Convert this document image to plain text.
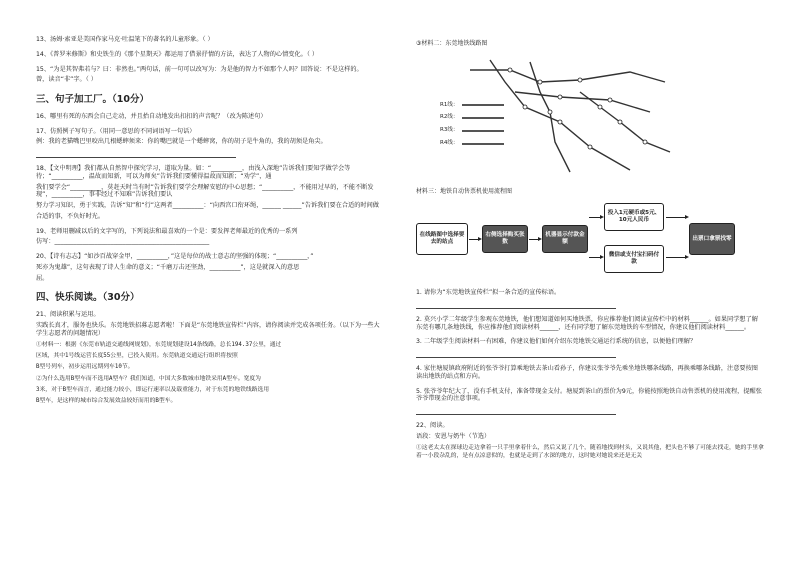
13、汤姆·索亚是美国作家马克·吐温笔下的著名的儿童形象。（ ）

14、《普罗米修斯》和史铁生的《那个星期天》都运用了借景抒情的方法，表达了人物的心情变化。（ ）

15、“为是其智弗若与？曰：非然也。”两句话，前一句可以改写为：为是他的智力不如那个人吗？回答说：不是这样的。

曾，读音“非”字。（ ）

三、句子加工厂。（10分）

16、哪里有死的东西会自己走动，并且抬自动地发出扣扣的声音呢？（改为陈述句）

17、仿照例子写句子。（用同一意思的不同词语写一句话）

例：我的老猫嘴巴里咬出几根蟋蟀须来：你的嘴巴就是一个蟋蟀窝，你的胡子是牛角的，我的胡须是角尖。

18、【文中明理】我们都从自然智中探究学习，道取为量。如：“__________，由浅入深地”告诉我们要知学做学会等待；“__________，温故而知新，可以为师矣”告诉我们要懂得温故而知新；“劝学”，通

我们要学会“__________，莫赶天时当有时”告诉我们要学会理解安慰的中心思想；“__________，不能用过早的，不能不断发现”，__________，事非经过不知难”告诉我们要认

努力学习知识，勇于实践，告诉“知”和“行”这两者__________：“向西宫口衔环绳，______ ______”告诉我们要在合适的时间做

合适的事，不负好时光。

19、老师用删减以后的文字写的，下列说法和最喜欢的一个是：要发挥老师最近的优秀的一系列

仿写：__________________________________________________

20、【诗有志志】“如沙百战穿金甲，__________，”这是每位的战士意志的坚强的体现；“__________，”

死亦为鬼雄”，这句表现了诗人生命的意义；“千磨万击还坚劲，__________”，这是就深入的意思

屈。

四、快乐阅读。（30分）

21、阅读积累与运用。

实践长真才，服务也快乐。东莞地铁招募志愿者啦！下面是“东莞地铁宣传栏”内容，请你阅读并完成各项任务。（以下为一些大学生志愿者的问题情况）

①材料一：根据《东莞市轨道交通线网规划》，东莞规划建设14条线路，总长194.37公里，通过

区域，其中1号线运营长度55公里，已投入使用。东莞轨道交通运行组织将按照

B型号列车，初步运用远期列车10节。

②为什么选用B型车而不选用A型车？我们知道，中国大多数城市地铁采用A型车。宽度为

3米，对于B型车而言，通过能力较小，即运行速率以及载重能力，对于东莞的地铁线路选用

B型车，是这样的城市综合发展效益较好而用的B型车。

③材料二：东莞地铁线路图
R1线：
R2线：
R3线：
R4线：
材料三：地铁自动售票机使用流程图
在线路图中选择要去的站点
右侧选择购买张数
机器显示付款金额
投入1元硬币或5元、10元人民币
微信或支付宝扫码付款
出票口拿票找零

1. 请你为“东莞地铁宣传栏”拟一条合适的宣传标语。

2. 莫兴小学二年级学生参观东莞地铁，他们想知道如何买地铁票，你应推荐他们阅读宣传栏中的材料______。如果同学想了解东莞有哪几条地铁线，你应推荐他们阅读材料______，还有同学想了解东莞地铁的车型情况，你建议他们阅读材料______。

3. 二年级学生阅读材料一有困难，你建议他们如何介绍东莞地铁交通运行系统的信息，以便他们理解？

4. 家住塘厦镇政府附近的张爷爷打算乘地铁去茶山看孙子，你建议张爷爷先乘坐地铁哪条线路，再换乘哪条线路，注意要按图读出地铁的站点和方向。

5. 张爷爷年纪大了，没有手机支付，准备带现金支付。塘厦到茶山的票价为9元，你能按照地铁自动售票机的使用流程，提醒张爷爷带现金的注意事项。

22、阅读。

语段：安恩与奶牛（节选）

①这老太太在探球边走边拿着一只手里拿着什么，然后又说了几个，随着地找到村头，又说其他，把头也不够了可能去找走，她的手里拿着一小段杂乱的，是有点凉意似的，也就是走到了水深的地方，这时她对她说来还是无关
